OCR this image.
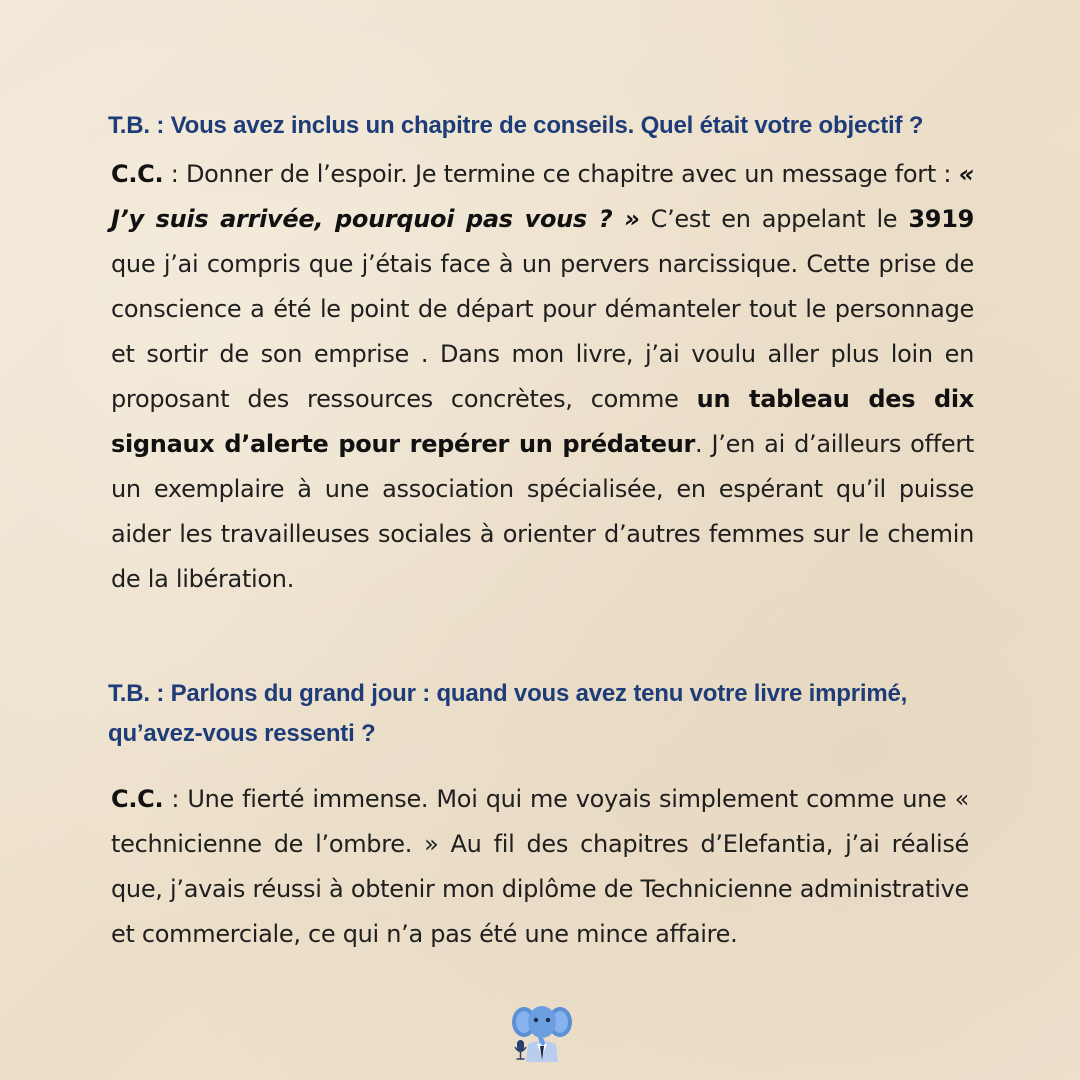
T.B. : Vous avez inclus un chapitre de conseils. Quel était votre objectif ?
C.C. : Donner de l’espoir. Je termine ce chapitre avec un message fort : « J’y suis arrivée, pourquoi pas vous ? » C’est en appelant le 3919 que j’ai compris que j’étais face à un pervers narcissique. Cette prise de conscience a été le point de départ pour démanteler tout le personnage et sortir de son emprise . Dans mon livre, j’ai voulu aller plus loin en proposant des ressources concrètes, comme un tableau des dix signaux d’alerte pour repérer un prédateur. J’en ai d’ailleurs offert un exemplaire à une association spécialisée, en espérant qu’il puisse aider les travailleuses sociales à orienter d’autres femmes sur le chemin de la libération.
T.B. : Parlons du grand jour : quand vous avez tenu votre livre imprimé, qu’avez-vous ressenti ?
C.C. : Une fierté immense. Moi qui me voyais simplement comme une « technicienne de l’ombre. » Au fil des chapitres d’Elefantia, j’ai réalisé que, j’avais réussi à obtenir mon diplôme de Technicienne administrative et commerciale, ce qui n’a pas été une mince affaire.
